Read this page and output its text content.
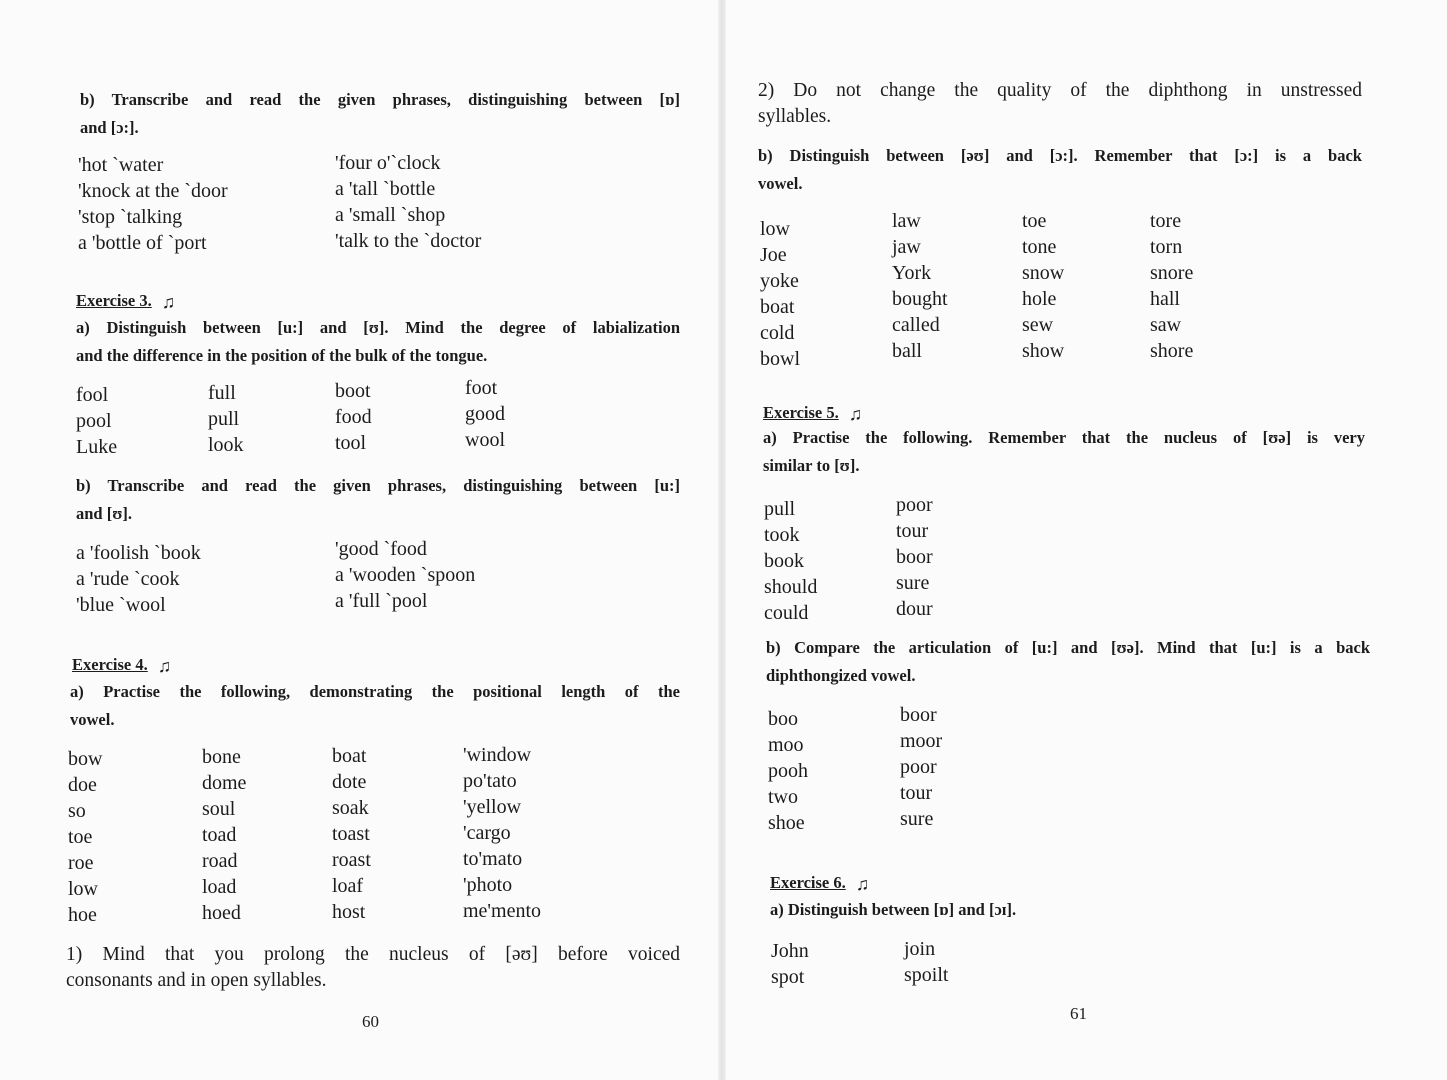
b) Transcribe and read the given phrases, distinguishing between [ɒ]
and [ɔ:].
'hot ˋwater
'knock at the ˋdoor
'stop ˋtalking
a 'bottle of ˋport
'four o'ˋclock
a 'tall ˋbottle
a 'small ˋshop
'talk to the ˋdoctor
Exercise 3. ♫
a) Distinguish between [u:] and [ʊ]. Mind the degree of labialization
and the difference in the position of the bulk of the tongue.
fool
pool
Luke
full
pull
look
boot
food
tool
foot
good
wool
b) Transcribe and read the given phrases, distinguishing between [u:]
and [ʊ].
a 'foolish ˋbook
a 'rude ˋcook
'blue ˋwool
'good ˋfood
a 'wooden ˋspoon
a 'full ˋpool
Exercise 4. ♫
a) Practise the following, demonstrating the positional length of the
vowel.
bow
doe
so
toe
roe
low
hoe
bone
dome
soul
toad
road
load
hoed
boat
dote
soak
toast
roast
loaf
host
'window
po'tato
'yellow
'cargo
to'mato
'photo
me'mento
1) Mind that you prolong the nucleus of [əʊ] before voiced
consonants and in open syllables.
60
2) Do not change the quality of the diphthong in unstressed
syllables.
b) Distinguish between [əʊ] and [ɔ:]. Remember that [ɔ:] is a back
vowel.
low
Joe
yoke
boat
cold
bowl
law
jaw
York
bought
called
ball
toe
tone
snow
hole
sew
show
tore
torn
snore
hall
saw
shore
Exercise 5. ♫
a) Practise the following. Remember that the nucleus of [ʊə] is very
similar to [ʊ].
pull
took
book
should
could
poor
tour
boor
sure
dour
b) Compare the articulation of [u:] and [ʊə]. Mind that [u:] is a back
diphthongized vowel.
boo
moo
pooh
two
shoe
boor
moor
poor
tour
sure
Exercise 6. ♫
a) Distinguish between [ɒ] and [ɔɪ].
John
spot
join
spoilt
61
